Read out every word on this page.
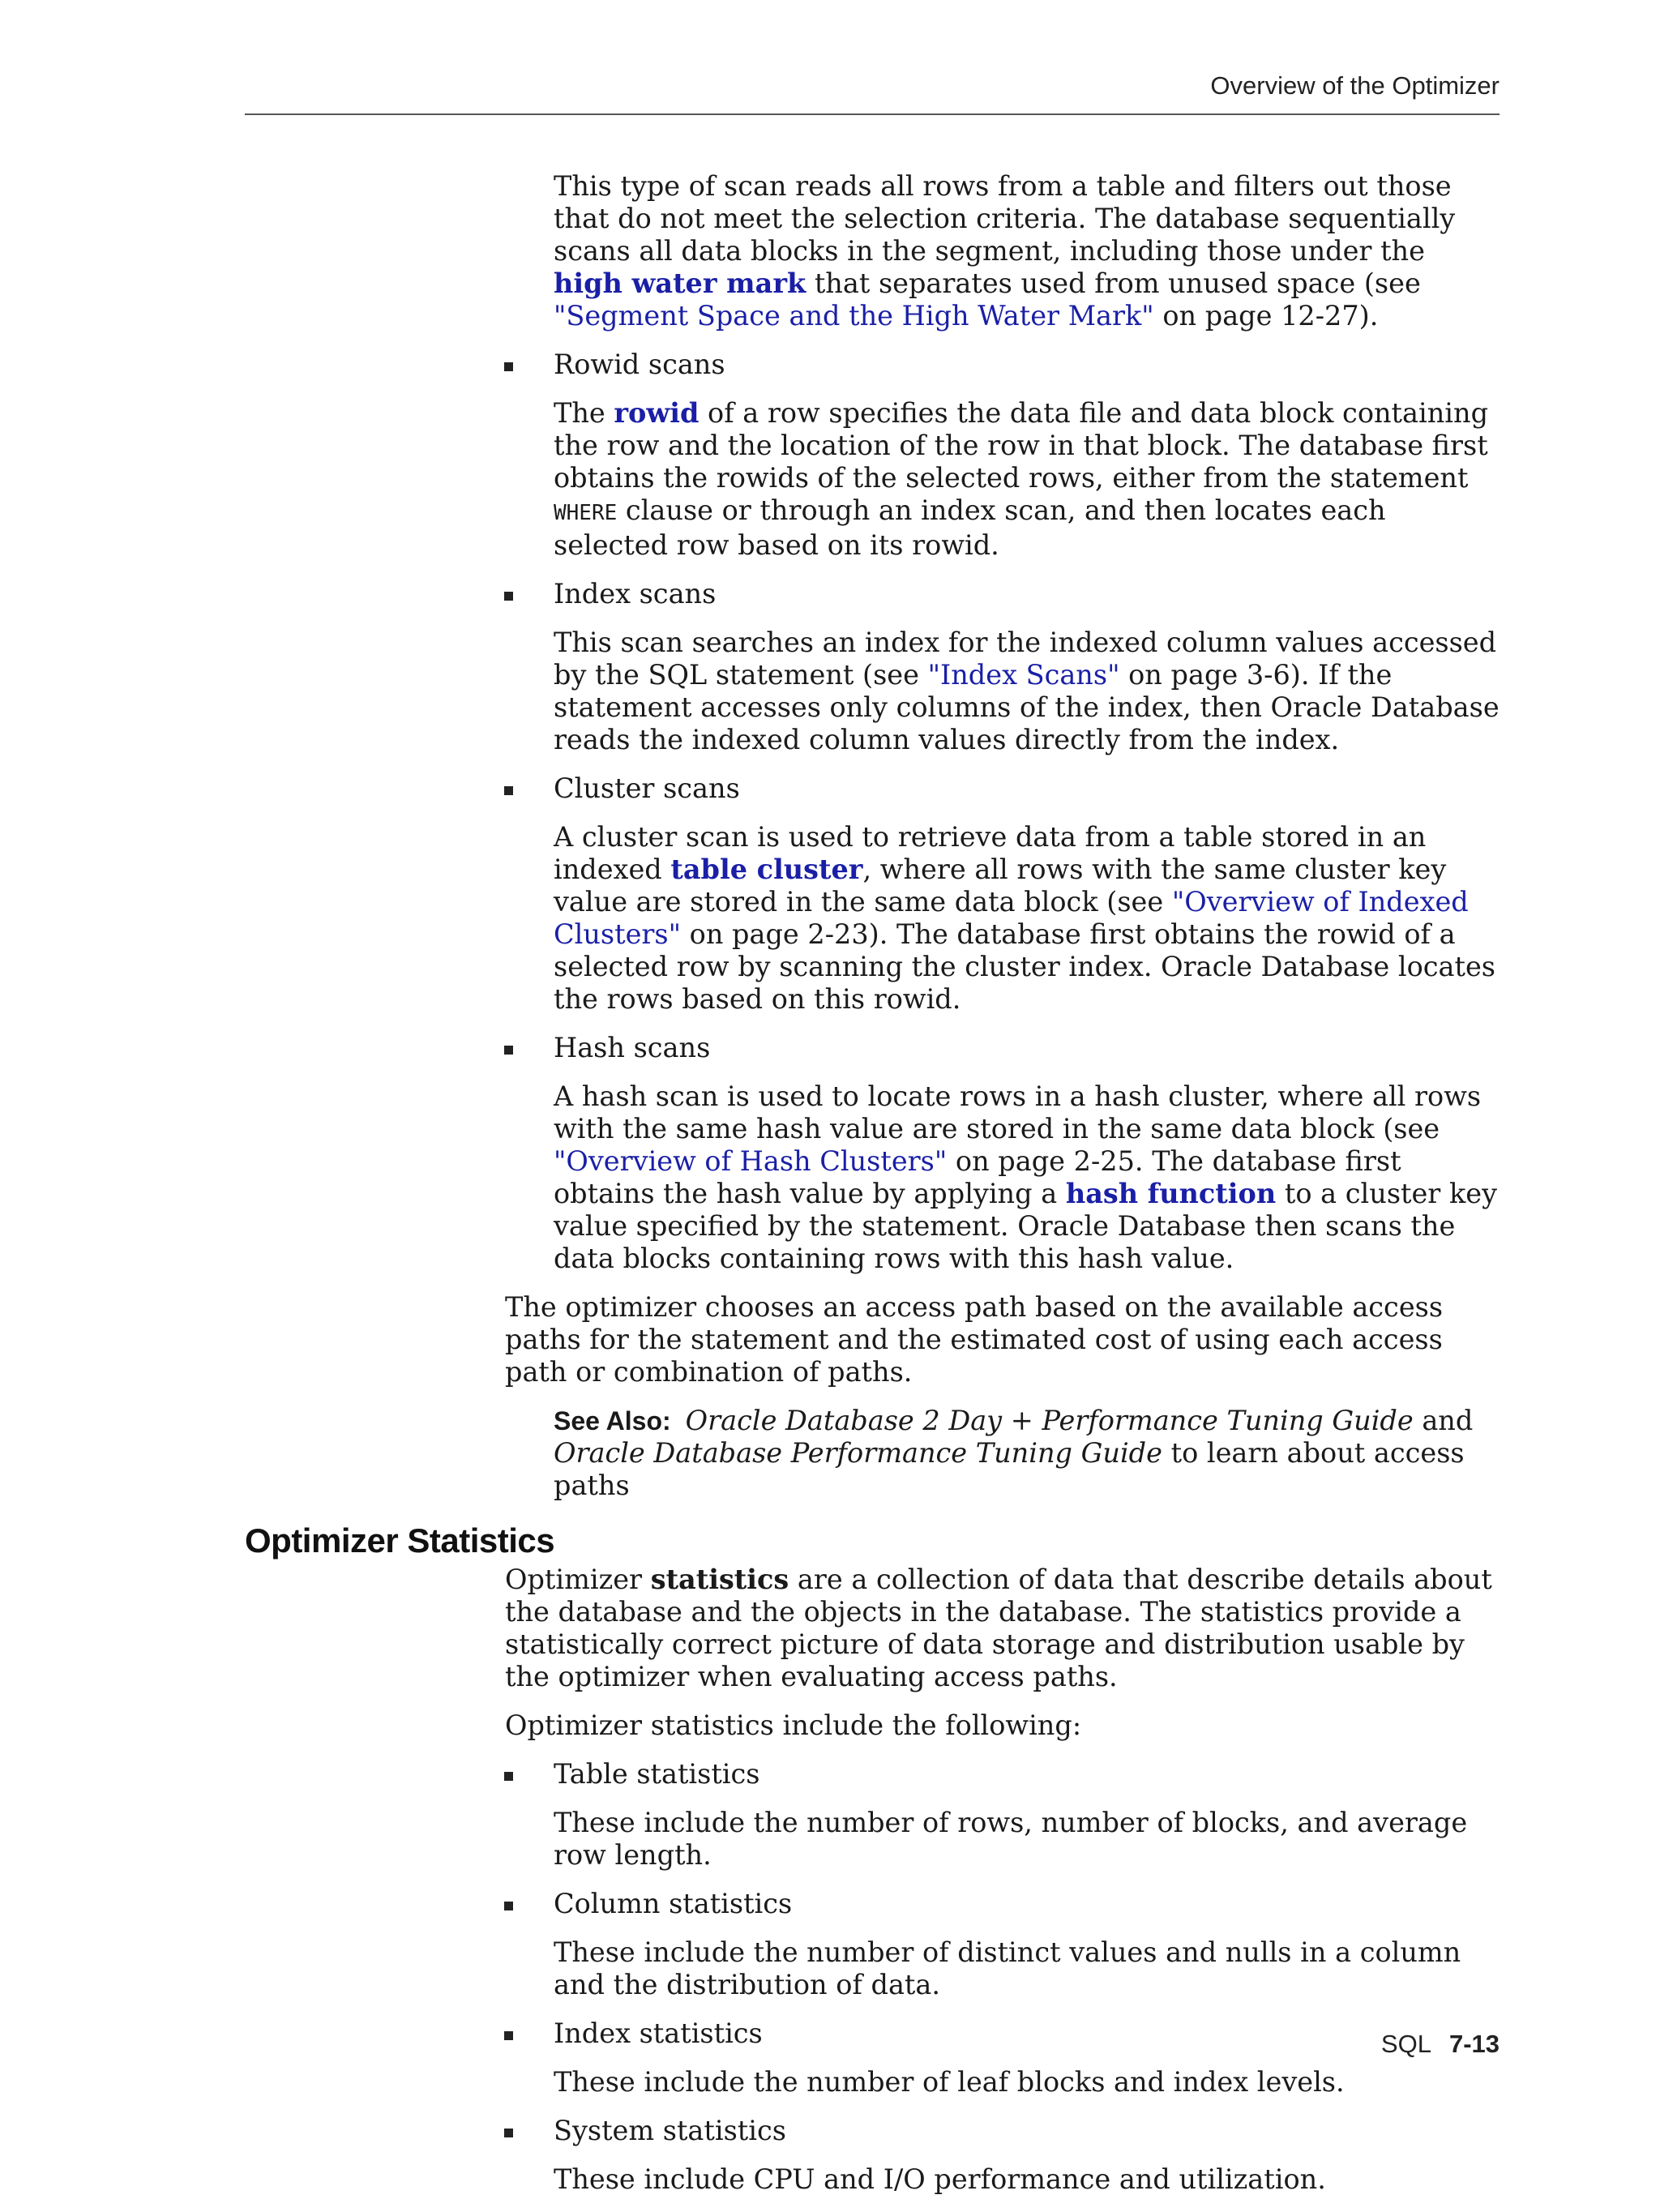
Overview of the Optimizer

This type of scan reads all rows from a table and filters out those that do not meet the selection criteria. The database sequentially scans all data blocks in the segment, including those under the high water mark that separates used from unused space (see "Segment Space and the High Water Mark" on page 12-27).

Rowid scans

The rowid of a row specifies the data file and data block containing the row and the location of the row in that block. The database first obtains the rowids of the selected rows, either from the statement WHERE clause or through an index scan, and then locates each selected row based on its rowid.

Index scans

This scan searches an index for the indexed column values accessed by the SQL statement (see "Index Scans" on page 3-6). If the statement accesses only columns of the index, then Oracle Database reads the indexed column values directly from the index.

Cluster scans

A cluster scan is used to retrieve data from a table stored in an indexed table cluster, where all rows with the same cluster key value are stored in the same data block (see "Overview of Indexed Clusters" on page 2-23). The database first obtains the rowid of a selected row by scanning the cluster index. Oracle Database locates the rows based on this rowid.

Hash scans

A hash scan is used to locate rows in a hash cluster, where all rows with the same hash value are stored in the same data block (see "Overview of Hash Clusters" on page 2-25. The database first obtains the hash value by applying a hash function to a cluster key value specified by the statement. Oracle Database then scans the data blocks containing rows with this hash value.

The optimizer chooses an access path based on the available access paths for the statement and the estimated cost of using each access path or combination of paths.

See Also: Oracle Database 2 Day + Performance Tuning Guide and
Oracle Database Performance Tuning Guide to learn about access paths
Optimizer Statistics

Optimizer statistics are a collection of data that describe details about the database and the objects in the database. The statistics provide a statistically correct picture of data storage and distribution usable by the optimizer when evaluating access paths.

Optimizer statistics include the following:

Table statistics

These include the number of rows, number of blocks, and average row length.

Column statistics

These include the number of distinct values and nulls in a column and the distribution of data.

Index statistics

These include the number of leaf blocks and index levels.

System statistics

These include CPU and I/O performance and utilization.

SQL 7-13
